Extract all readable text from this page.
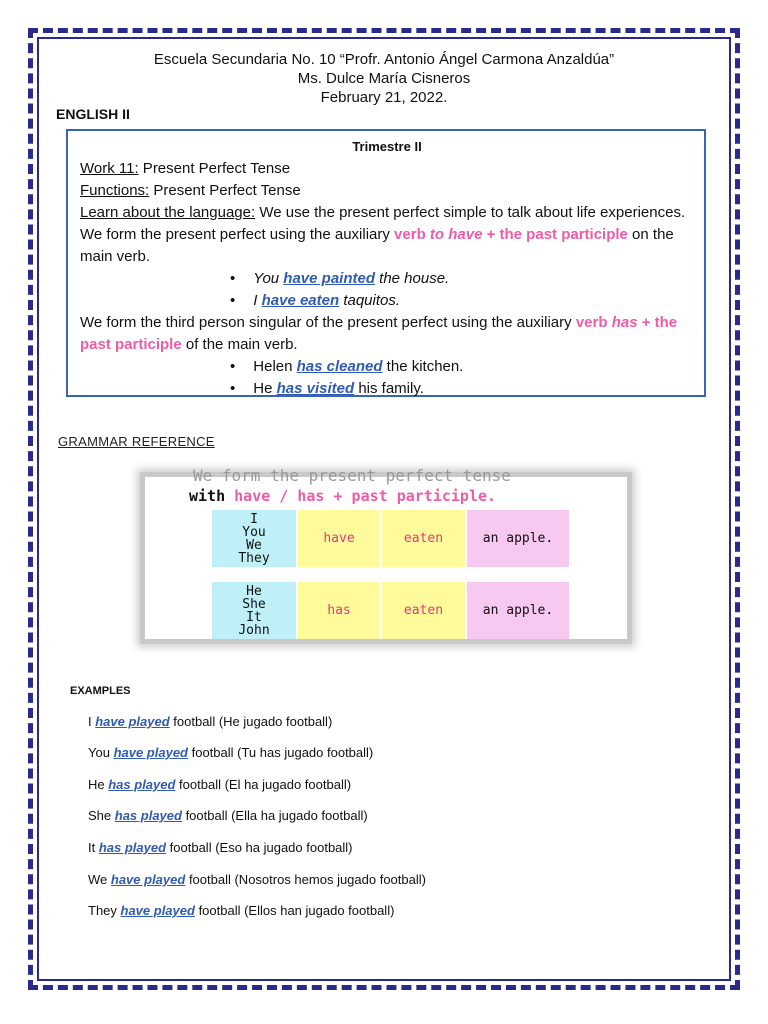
Escuela Secundaria No. 10 “Profr. Antonio Ángel Carmona Anzaldúa”
Ms. Dulce María Cisneros
February 21, 2022.
ENGLISH II
Trimestre II
Work 11: Present Perfect Tense
Functions: Present Perfect Tense
Learn about the language: We use the present perfect simple to talk about life experiences. We form the present perfect using the auxiliary verb to have + the past participle on the main verb.
• You have painted the house.
• I have eaten taquitos.
We form the third person singular of the present perfect using the auxiliary verb has + the past participle of the main verb.
• Helen has cleaned the kitchen.
• He has visited his family.
GRAMMAR REFERENCE
We form the present perfect tense
with have / has + past participle.
I
You
We
They
have	eaten	an apple.
He
She
It
John
has	eaten	an apple.
EXAMPLES
I have played football (He jugado football)
You have played football (Tu has jugado football)
He has played football (El ha jugado football)
She has played football (Ella ha jugado football)
It has played football (Eso ha jugado football)
We have played football (Nosotros hemos jugado football)
They have played football (Ellos han jugado football)
